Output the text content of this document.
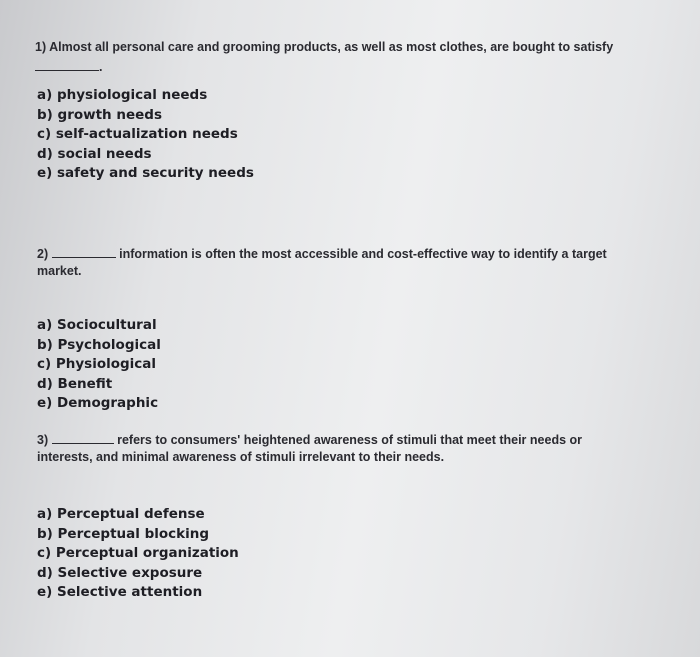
1) Almost all personal care and grooming products, as well as most clothes, are bought to satisfy
.
a) physiological needs
b) growth needs
c) self-actualization needs
d) social needs
e) safety and security needs
2)	information is often the most accessible and cost-effective way to identify a target
market.
a) Sociocultural
b) Psychological
c) Physiological
d) Benefit
e) Demographic
3)	refers to consumers' heightened awareness of stimuli that meet their needs or
interests, and minimal awareness of stimuli irrelevant to their needs.
a) Perceptual defense
b) Perceptual blocking
c) Perceptual organization
d) Selective exposure
e) Selective attention
